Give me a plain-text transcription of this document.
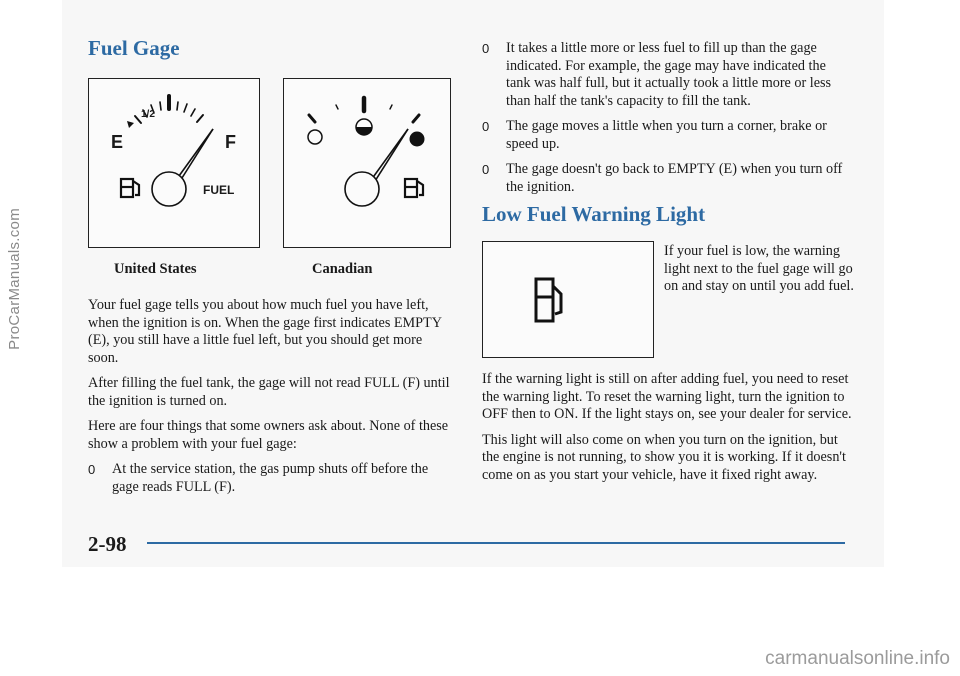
Fuel Gage
1/2
E	F
FUEL
United States	Canadian

Your fuel gage tells you about how much fuel you have left, when the ignition is on. When the gage first indicates EMPTY (E), you still have a little fuel left, but you should get more soon.

After filling the fuel tank, the gage will not read FULL (F) until the ignition is turned on.

Here are four things that some owners ask about. None of these show a problem with your fuel gage:

0 At the service station, the gas pump shuts off before the gage reads FULL (F).
0 It takes a little more or less fuel to fill up than the gage indicated. For example, the gage may have indicated the tank was half full, but it actually took a little more or less than half the tank's capacity to fill the tank.
0 The gage moves a little when you turn a corner, brake or speed up.
0 The gage doesn't go back to EMPTY (E) when you turn off the ignition.
Low Fuel Warning Light
If your fuel is low, the warning light next to the fuel gage will go on and stay on until you add fuel.

If the warning light is still on after adding fuel, you need to reset the warning light. To reset the warning light, turn the ignition to OFF then to ON. If the light stays on, see your dealer for service.

This light will also come on when you turn on the ignition, but the engine is not running, to show you it is working. If it doesn't come on as you start your vehicle, have it fixed right away.

2-98
ProCarManuals.com
carmanualsonline.info
